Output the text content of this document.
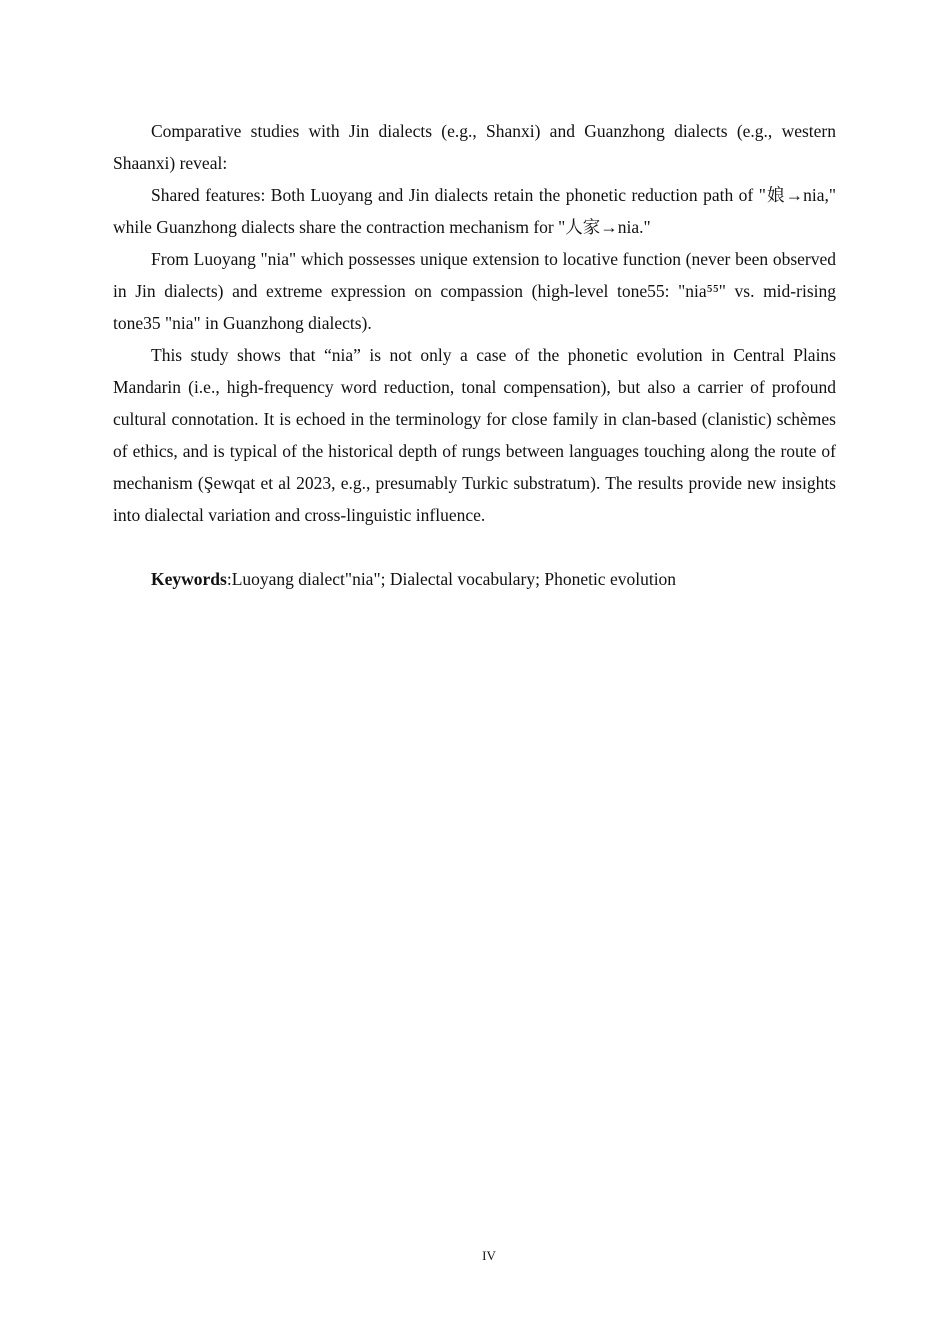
Comparative studies with Jin dialects (e.g., Shanxi) and Guanzhong dialects (e.g., western Shaanxi) reveal:

Shared features: Both Luoyang and Jin dialects retain the phonetic reduction path of "娘→nia," while Guanzhong dialects share the contraction mechanism for "人家→nia."

From Luoyang "nia" which possesses unique extension to locative function (never been observed in Jin dialects) and extreme expression on compassion (high-level tone55: "nia⁵⁵" vs. mid-rising tone35 "nia" in Guanzhong dialects).

This study shows that “nia” is not only a case of the phonetic evolution in Central Plains Mandarin (i.e., high-frequency word reduction, tonal compensation), but also a carrier of profound cultural connotation. It is echoed in the terminology for close family in clan-based (clanistic) schèmes of ethics, and is typical of the historical depth of rungs between languages touching along the route of mechanism (Şewqat et al 2023, e.g., presumably Turkic substratum). The results provide new insights into dialectal variation and cross-linguistic influence.

Keywords:Luoyang dialect"nia"; Dialectal vocabulary; Phonetic evolution

IV
